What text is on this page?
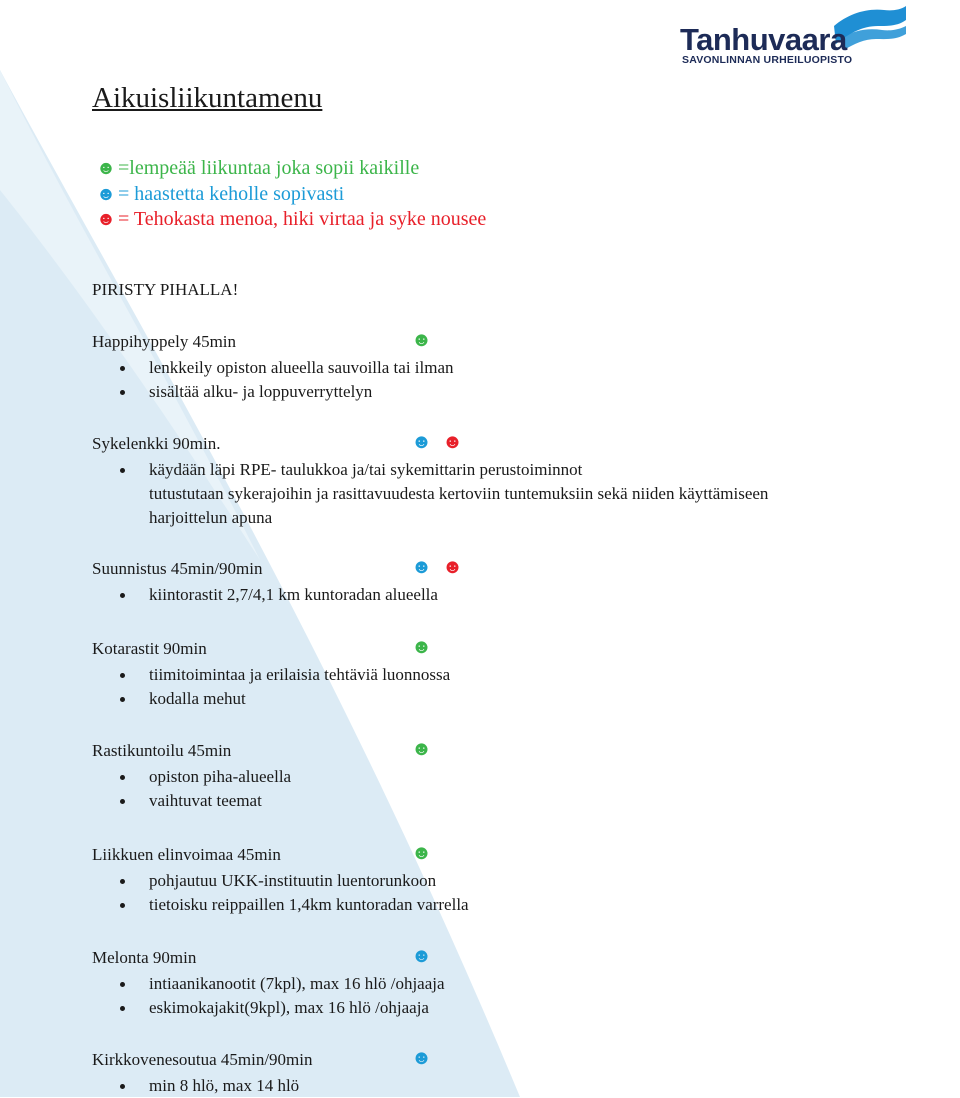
Tanhuvaara
SAVONLINNAN URHEILUOPISTO
Aikuisliikuntamenu
☻ =lempeää liikuntaa joka sopii kaikille
☻ = haastetta keholle sopivasti
☻ = Tehokasta menoa, hiki virtaa ja syke nousee
PIRISTY PIHALLA!
Happihyppely 45min	☻
lenkkeily opiston alueella sauvoilla tai ilman
sisältää alku- ja loppuverryttelyn
Sykelenkki 90min.	☻ ☻
käydään läpi RPE- taulukkoa ja/tai sykemittarin perustoiminnot
tutustutaan sykerajoihin ja rasittavuudesta kertoviin tuntemuksiin sekä niiden käyttämiseen
harjoittelun apuna
Suunnistus 45min/90min	☻ ☻
kiintorastit 2,7/4,1 km kuntoradan alueella
Kotarastit 90min	☻
tiimitoimintaa ja erilaisia tehtäviä luonnossa
kodalla mehut
Rastikuntoilu 45min	☻
opiston piha-alueella
vaihtuvat teemat
Liikkuen elinvoimaa 45min	☻
pohjautuu UKK-instituutin luentorunkoon
tietoisku reippaillen 1,4km kuntoradan varrella
Melonta 90min	☻
intiaanikanootit (7kpl), max 16 hlö /ohjaaja
eskimokajakit(9kpl), max 16 hlö /ohjaaja
Kirkkovenesoutua 45min/90min	☻
min 8 hlö, max 14 hlö
